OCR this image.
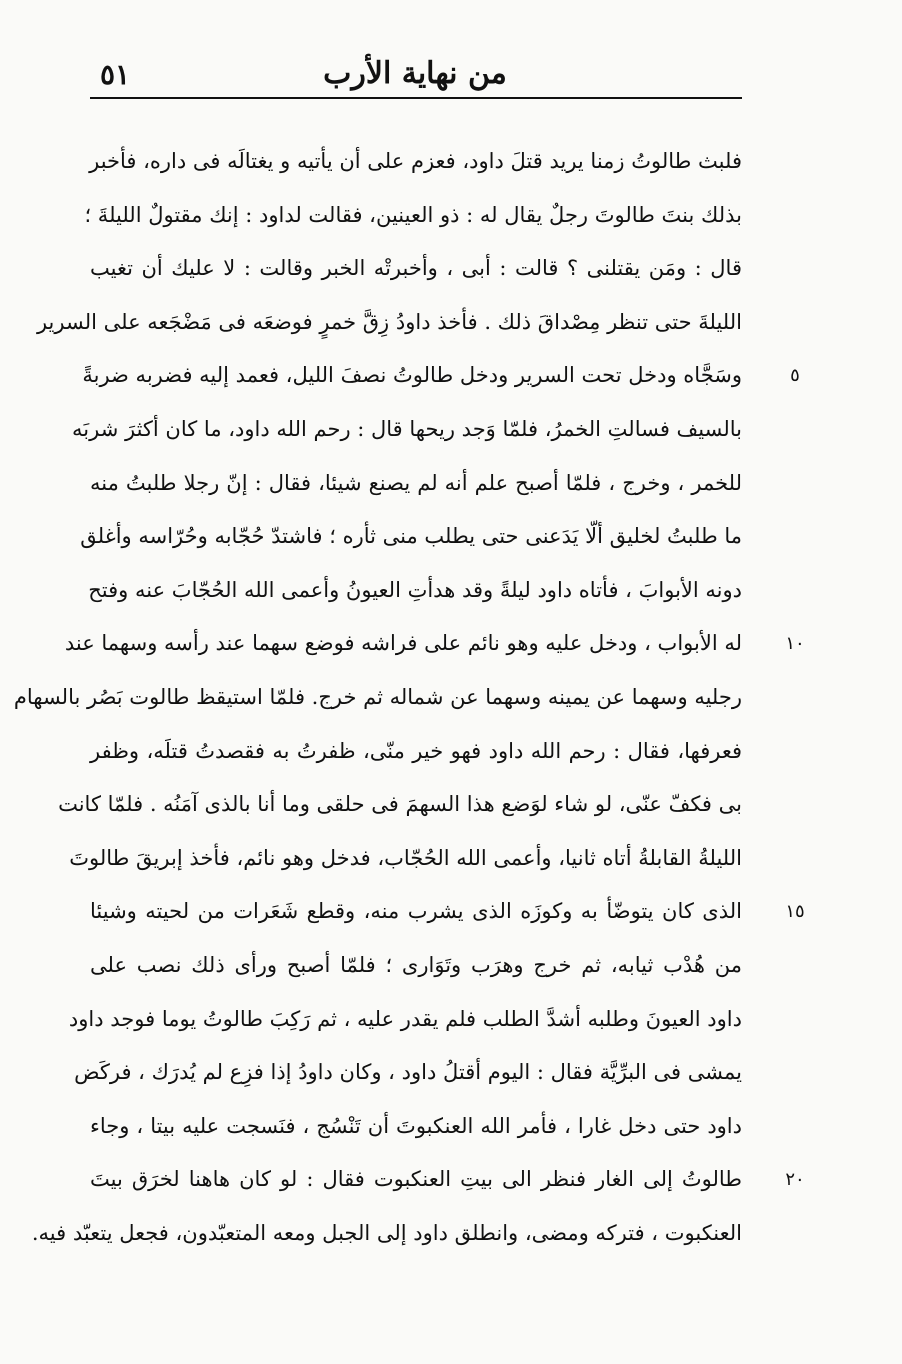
٥١	من نهاية الأرب
فلبث طالوتُ زمنا يريد قتلَ داود، فعزم على أن يأتيه و يغتالَه فى داره، فأخبر
بذلك بنتَ طالوتَ رجلٌ يقال له : ذو العينين، فقالت لداود : إنك مقتولٌ الليلةَ ؛
قال : ومَن يقتلنى ؟ قالت : أبى ، وأخبرتْه الخبر وقالت : لا عليك أن تغيب
الليلةَ حتى تنظر مِصْداقَ ذلك . فأخذ داودُ زِقَّ خمرٍ فوضعَه فى مَضْجَعه على السرير
وسَجَّاه ودخل تحت السرير ودخل طالوتُ نصفَ الليل، فعمد إليه فضربه ضربةً
بالسيف فسالتِ الخمرُ، فلمّا وَجد ريحها قال : رحم الله داود، ما كان أكثرَ شربَه
للخمر ، وخرج ، فلمّا أصبح علم أنه لم يصنع شيئا، فقال : إنّ رجلا طلبتُ منه
ما طلبتُ لخليق ألّا يَدَعنى حتى يطلب منى ثأره ؛ فاشتدّ حُجّابه وحُرّاسه وأغلق
دونه الأبوابَ ، فأتاه داود ليلةً وقد هدأتِ العيونُ وأعمى الله الحُجّابَ عنه وفتح
له الأبواب ، ودخل عليه وهو نائم على فراشه فوضع سهما عند رأسه وسهما عند
رجليه وسهما عن يمينه وسهما عن شماله ثم خرج. فلمّا استيقظ طالوت بَصُر بالسهام
فعرفها، فقال : رحم الله داود فهو خير منّى، ظفرتُ به فقصدتُ قتلَه، وظفر
بى فكفّ عنّى، لو شاء لوَضع هذا السهمَ فى حلقى وما أنا بالذى آمَنُه . فلمّا كانت
الليلةُ القابلةُ أتاه ثانيا، وأعمى الله الحُجّاب، فدخل وهو نائم، فأخذ إبريقَ طالوتَ
الذى كان يتوضّأ به وكوزَه الذى يشرب منه، وقطع شَعَرات من لحيته وشيئا
من هُدْب ثيابه، ثم خرج وهرَب وتَوَارى ؛ فلمّا أصبح ورأى ذلك نصب على
داود العيونَ وطلبه أشدَّ الطلب فلم يقدر عليه ، ثم رَكِبَ طالوتُ يوما فوجد داود
يمشى فى البرِّيَّة فقال : اليوم أقتلُ داود ، وكان داودُ إذا فزِع لم يُدرَك ، فركَض
داود حتى دخل غارا ، فأمر الله العنكبوتَ أن تَنْسُج ، فنَسجت عليه بيتا ، وجاء
طالوتُ إلى الغار فنظر الى بيتِ العنكبوت فقال : لو كان هاهنا لخرَق بيتَ
العنكبوت ، فتركه ومضى، وانطلق داود إلى الجبل ومعه المتعبّدون، فجعل يتعبّد فيه.
٥
١٠
١٥
٢٠
